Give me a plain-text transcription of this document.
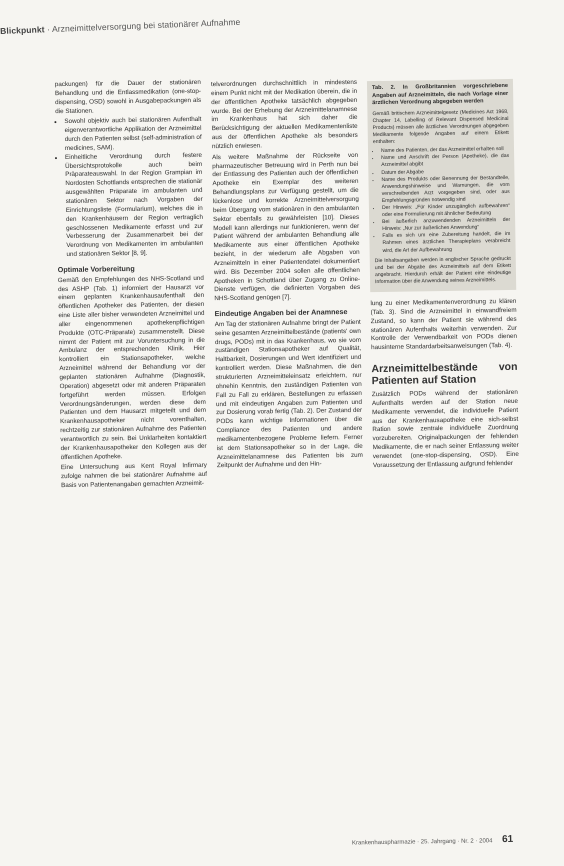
Blickpunkt · Arzneimittelversorgung bei stationärer Aufnahme

packungen) für die Dauer der stationären Behandlung und die Entlassmedikation (one-stop-dispensing, OSD) sowohl in Ausgabepackungen als die Stationen.

• Sowohl objektiv auch bei stationären Aufenthalt eigenverantwortliche Applikation der Arzneimittel durch den Patienten selbst (self-administration of medicines, SAM).
• Einheitliche Verordnung durch festere Übersichtsprotokolle auch beim Präparateauswahl. In der Region Grampian im Nordosten Schottlands entsprechen die stationär ausgewählten Präparate im ambulanten und stationären Sektor nach Vorgaben der Einrichtungsliste (Formularium), welches die in den Krankenhäusern der Region vertraglich geschlossenen Medikamente erfasst und zur Verbesserung der Zusammenarbeit bei der Verordnung von Medikamenten im ambulanten und stationären Sektor [8, 9].
Optimale Vorbereitung

Gemäß den Empfehlungen des NHS-Scotland und des ASHP (Tab. 1) informiert der Hausarzt vor einem geplanten Krankenhausaufenthalt den öffentlichen Apotheker des Patienten, der diesen eine Liste aller bisher verwendeten Arzneimittel und aller eingenommenen apothekenpflichtigen Produkte (OTC-Präparate) zusammenstellt. Diese nimmt der Patient mit zur Voruntersuchung in die Ambulanz der entsprechenden Klinik. Hier kontrolliert ein Stationsapotheker, welche Arzneimittel während der Behandlung vor der geplanten stationären Aufnahme (Diagnostik, Operation) abgesetzt oder mit anderen Präparaten fortgeführt werden müssen. Erfolgen Verordnungsänderungen, werden diese dem Patienten und dem Hausarzt mitgeteilt und dem Krankenhausapotheker nicht vorenthalten, rechtzeitig zur stationären Aufnahme des Patienten verantwortlich zu sein. Bei Unklarheiten kontaktiert der Krankenhausapotheker den Kollegen aus der öffentlichen Apotheke.

Eine Untersuchung aus Kent Royal Infirmary zufolge nahmen die bei stationärer Aufnahme auf Basis von Patientenangaben gemachten Arzneimit-

telverordnungen durchschnittlich in mindestens einem Punkt nicht mit der Medikation überein, die in der öffentlichen Apotheke tatsächlich abgegeben wurde. Bei der Erhebung der Arzneimittelanamnese im Krankenhaus hat sich daher die Berücksichtigung der aktuellen Medikamentenliste aus der öffentlichen Apotheke als besonders nützlich erwiesen.

Als weitere Maßnahme der Rückseite von pharmazeutischer Betreuung wird in Perth nun bei der Entlassung des Patienten auch der öffentlichen Apotheke ein Exemplar des weiteren Behandlungsplans zur Verfügung gestellt, um die lückenlose und korrekte Arzneimittelversorgung beim Übergang vom stationären in den ambulanten Sektor ebenfalls zu gewährleisten [10]. Dieses Modell kann allerdings nur funktionieren, wenn der Patient während der ambulanten Behandlung alle Medikamente aus einer öffentlichen Apotheke bezieht, in der wiederum alle Abgaben von Arzneimitteln in einer Patientendatei dokumentiert wird. Bis Dezember 2004 sollen alle öffentlichen Apotheken in Schottland über Zugang zu Online-Dienste verfügen, die definierten Vorgaben des NHS-Scotland genügen [7].

Eindeutige Angaben bei der Anamnese

Am Tag der stationären Aufnahme bringt der Patient seine gesamten Arzneimittelbestände (patients' own drugs, PODs) mit in das Krankenhaus, wo sie vom zuständigen Stationsapotheker auf Qualität, Haltbarkeit, Dosierungen und Wert identifiziert und kontrolliert werden. Diese Maßnahmen, die den strukturierten Arzneimitteleinsatz erleichtern, nur ohnehin Kenntnis, den zuständigen Patienten von Fall zu Fall zu erklären, Bestellungen zu erfassen und mit eindeutigen Angaben zum Patienten und zur Dosierung vorab fertig (Tab. 2). Der Zustand der PODs kann wichtige Informationen über die Compliance des Patienten und andere medikamentenbezogene Probleme liefern. Ferner ist dem Stationsapotheker so in der Lage, die Arzneimittelanamnese des Patienten bis zum Zeitpunkt der Aufnahme und den Hin-

Tab. 2. In Großbritannien vorgeschriebene Angaben auf Arzneimitteln, die nach Vorlage einer ärztlichen Verordnung abgegeben werden

Gemäß britischem Arzneimittelgesetz (Medicines Act 1968, Chapter 14, Labelling of Relevant Dispensed Medicinal Products) müssen alle ärztlichen Verordnungen abgegeben Medikamente folgende Angaben auf einem Etikett enthalten:

• Name des Patienten, der das Arzneimittel erhalten soll
• Name und Anschrift der Person (Apotheke), die das Arzneimittel abgibt
• Datum der Abgabe
• Name des Produkts oder Benennung der Bestandteile, Anwendungshinweise und Warnungen, die vom verschreibenden Arzt vorgegeben sind, oder aus Empfehlungsgründen notwendig sind
• Der Hinweis: „Für Kinder unzugänglich aufbewahren“ oder eine Formulierung mit ähnlicher Bedeutung
• Bei äußerlich anzuwendenden Arzneimitteln der Hinweis: „Nur zur äußerlichen Anwendung“
• Falls es sich um eine Zubereitung handelt, die im Rahmen eines ärztlichen Therapieplans verabreicht wird, die Art der Aufbewahrung
Die Inhaltsangaben werden in englischer Sprache gedruckt und bei der Abgabe des Arzneimittels auf dem Etikett angebracht. Hierdurch erhält der Patient eine eindeutige Information über die Anwendung seines Arzneimittels.

lung zu einer Medikamentenverordnung zu klären (Tab. 3). Sind die Arzneimittel in einwandfreiem Zustand, so kann der Patient sie während des stationären Aufenthalts weiterhin verwenden. Zur Kontrolle der Verwendbarkeit von PODs dienen hausinterne Standardarbeitsanweisungen (Tab. 4).

Arzneimittelbestände von Patienten auf Station

Zusätzlich PODs während der stationären Aufenthalts werden auf der Station neue Medikamente verwendet, die individuelle Patient aus der Krankenhausapotheke eine sich-selbst Ration sowie zentrale individuelle Zuordnung vorzubereiten. Originalpackungen der fehlenden Medikamente, die er nach seiner Entlassung weiter verwendet (one-stop-dispensing, OSD). Eine Voraussetzung der Entlassung aufgrund fehlender

Krankenhauspharmazie · 25. Jahrgang · Nr. 2 · 2004 61
